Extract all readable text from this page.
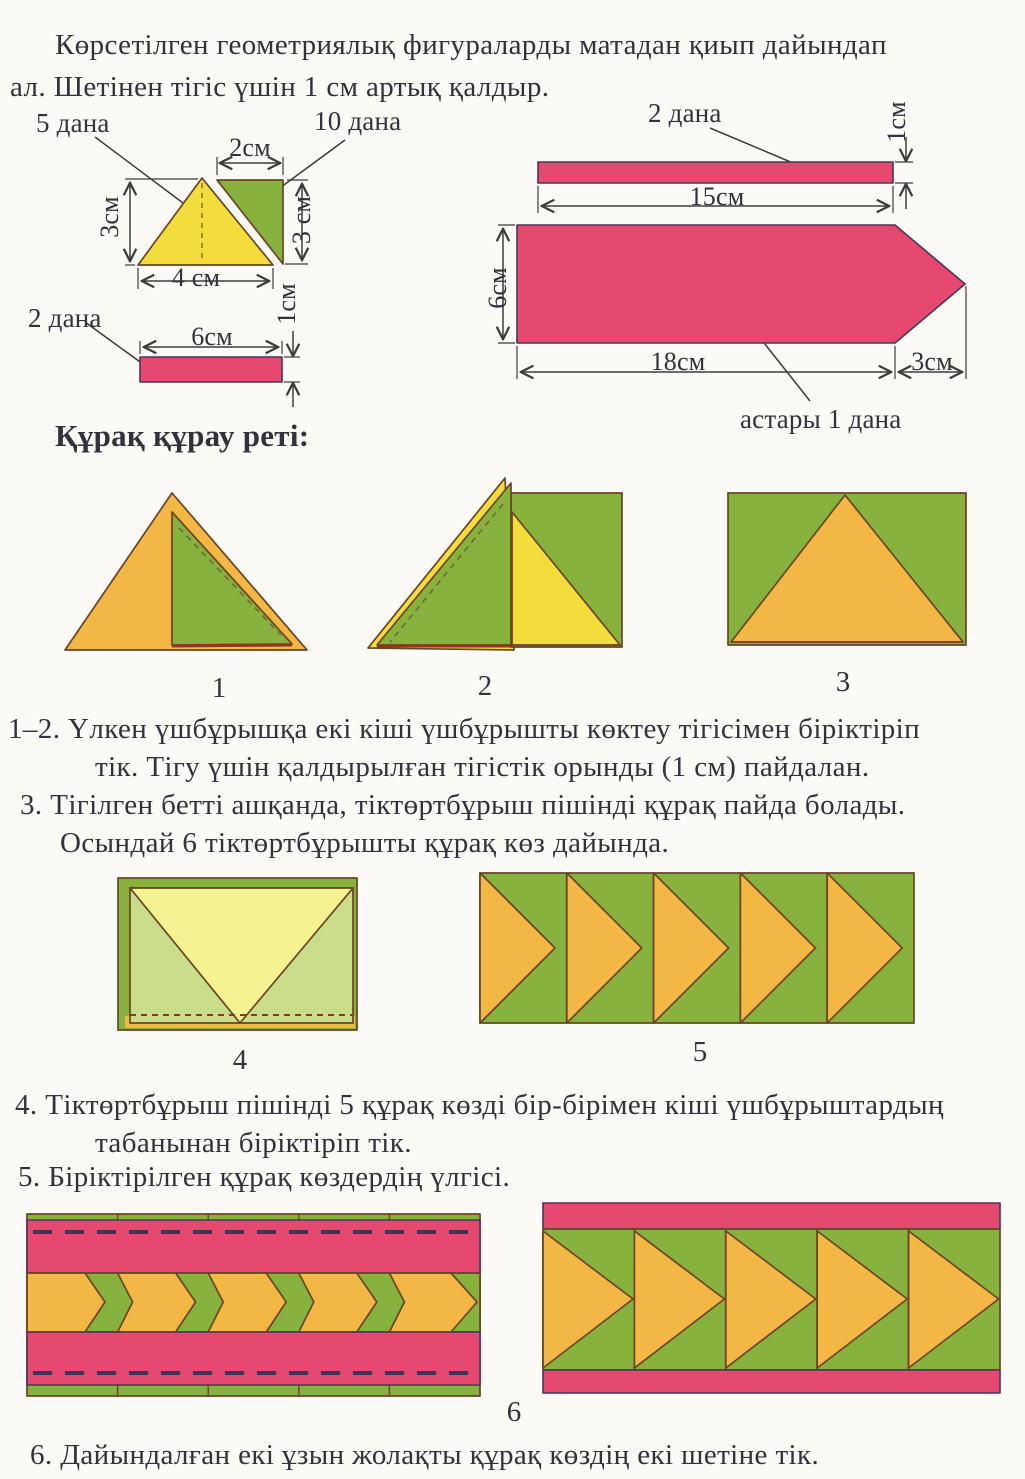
Көрсетілген геометриялық фигураларды матадан қиып дайындап
ал. Шетінен тігіс үшін 1 см артық қалдыр.
5 дана	10 дана
2 дана
2см
3см	3 см
4 см
6см
1см
2 дана	1см
15см
6см
18см	3см
астары 1 дана
Құрақ құрау реті:
1	2	3
1–2. Үлкен үшбұрышқа екі кіші үшбұрышты көктеу тігісімен біріктіріп
тік. Тігу үшін қалдырылған тігістік орынды (1 см) пайдалан.
3. Тігілген бетті ашқанда, тіктөртбұрыш пішінді құрақ пайда болады.
Осындай 6 тіктөртбұрышты құрақ көз дайында.
4	5
4. Тіктөртбұрыш пішінді 5 құрақ көзді бір-бірімен кіші үшбұрыштардың
табанынан біріктіріп тік.
5. Біріктірілген құрақ көздердің үлгісі.
6
6. Дайындалған екі ұзын жолақты құрақ көздің екі шетіне тік.
